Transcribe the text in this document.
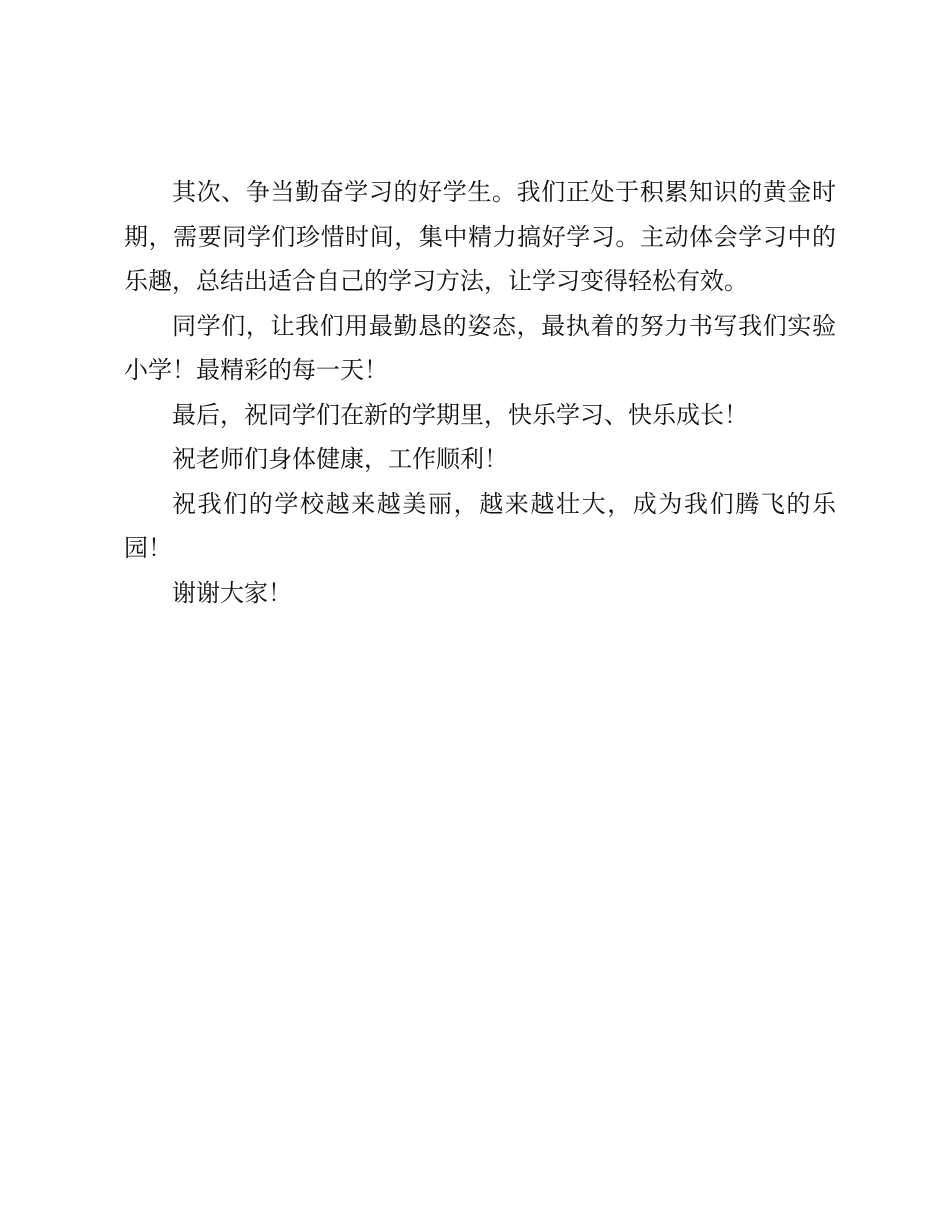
其次、争当勤奋学习的好学生。我们正处于积累知识的黄金时期，需要同学们珍惜时间，集中精力搞好学习。主动体会学习中的乐趣，总结出适合自己的学习方法，让学习变得轻松有效。

同学们，让我们用最勤恳的姿态，最执着的努力书写我们实验小学！最精彩的每一天！

最后，祝同学们在新的学期里，快乐学习、快乐成长！

祝老师们身体健康，工作顺利！

祝我们的学校越来越美丽，越来越壮大，成为我们腾飞的乐园！

谢谢大家！
